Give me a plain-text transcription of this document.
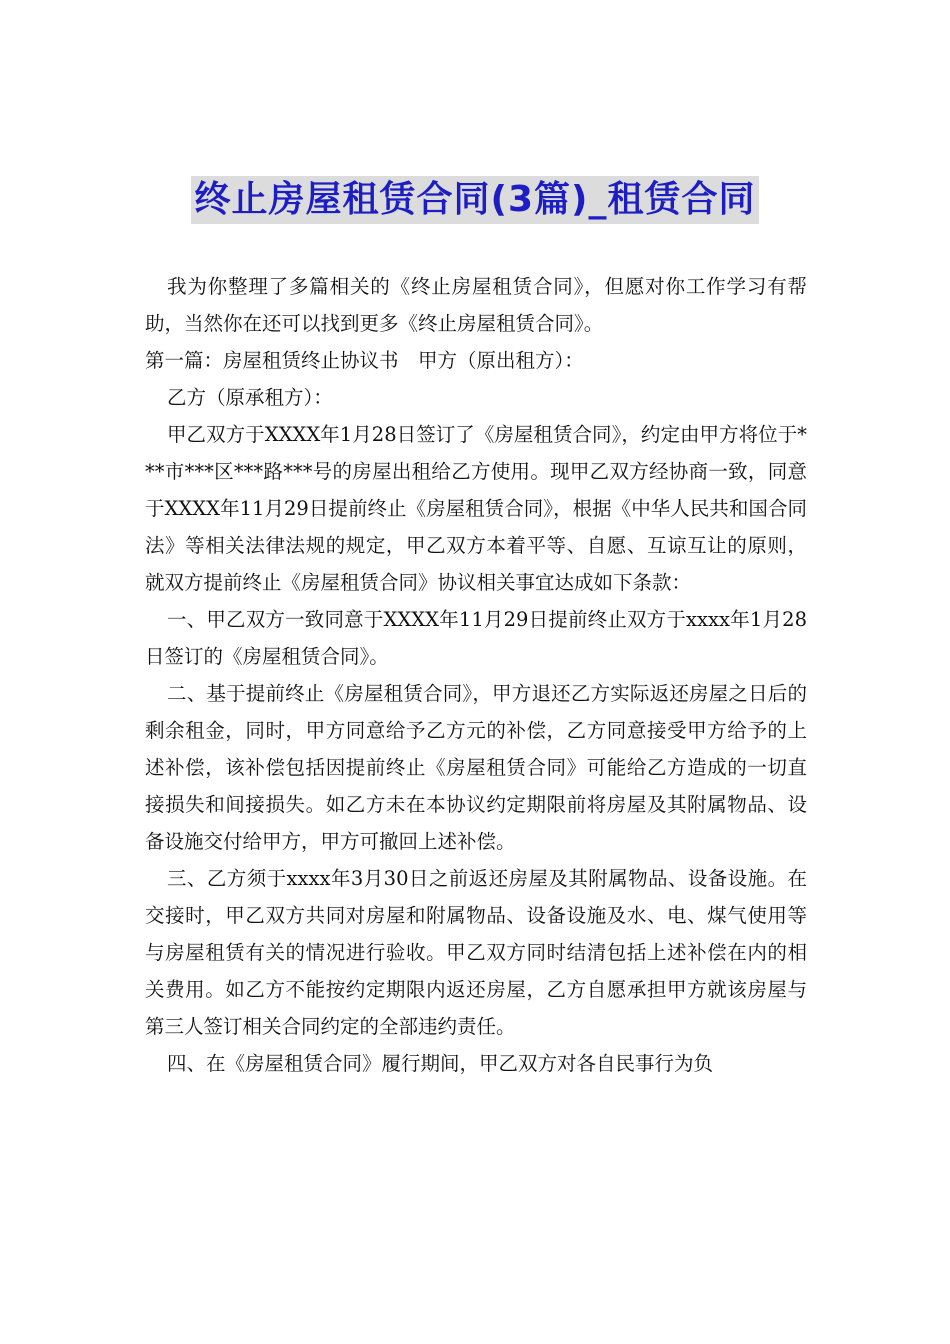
终止房屋租赁合同(3篇)_租赁合同

我为你整理了多篇相关的《终止房屋租赁合同》，但愿对你工作学习有帮助，当然你在还可以找到更多《终止房屋租赁合同》。

第一篇：房屋租赁终止协议书　甲方（原出租方）：

乙方（原承租方）：

甲乙双方于XXXX年1月28日签订了《房屋租赁合同》，约定由甲方将位于***市***区***路***号的房屋出租给乙方使用。现甲乙双方经协商一致，同意于XXXX年11月29日提前终止《房屋租赁合同》，根据《中华人民共和国合同法》等相关法律法规的规定，甲乙双方本着平等、自愿、互谅互让的原则，就双方提前终止《房屋租赁合同》协议相关事宜达成如下条款：

一、甲乙双方一致同意于XXXX年11月29日提前终止双方于xxxx年1月28日签订的《房屋租赁合同》。

二、基于提前终止《房屋租赁合同》，甲方退还乙方实际返还房屋之日后的剩余租金，同时，甲方同意给予乙方元的补偿，乙方同意接受甲方给予的上述补偿，该补偿包括因提前终止《房屋租赁合同》可能给乙方造成的一切直接损失和间接损失。如乙方未在本协议约定期限前将房屋及其附属物品、设备设施交付给甲方，甲方可撤回上述补偿。

三、乙方须于xxxx年3月30日之前返还房屋及其附属物品、设备设施。在交接时，甲乙双方共同对房屋和附属物品、设备设施及水、电、煤气使用等与房屋租赁有关的情况进行验收。甲乙双方同时结清包括上述补偿在内的相关费用。如乙方不能按约定期限内返还房屋，乙方自愿承担甲方就该房屋与第三人签订相关合同约定的全部违约责任。

四、在《房屋租赁合同》履行期间，甲乙双方对各自民事行为负
